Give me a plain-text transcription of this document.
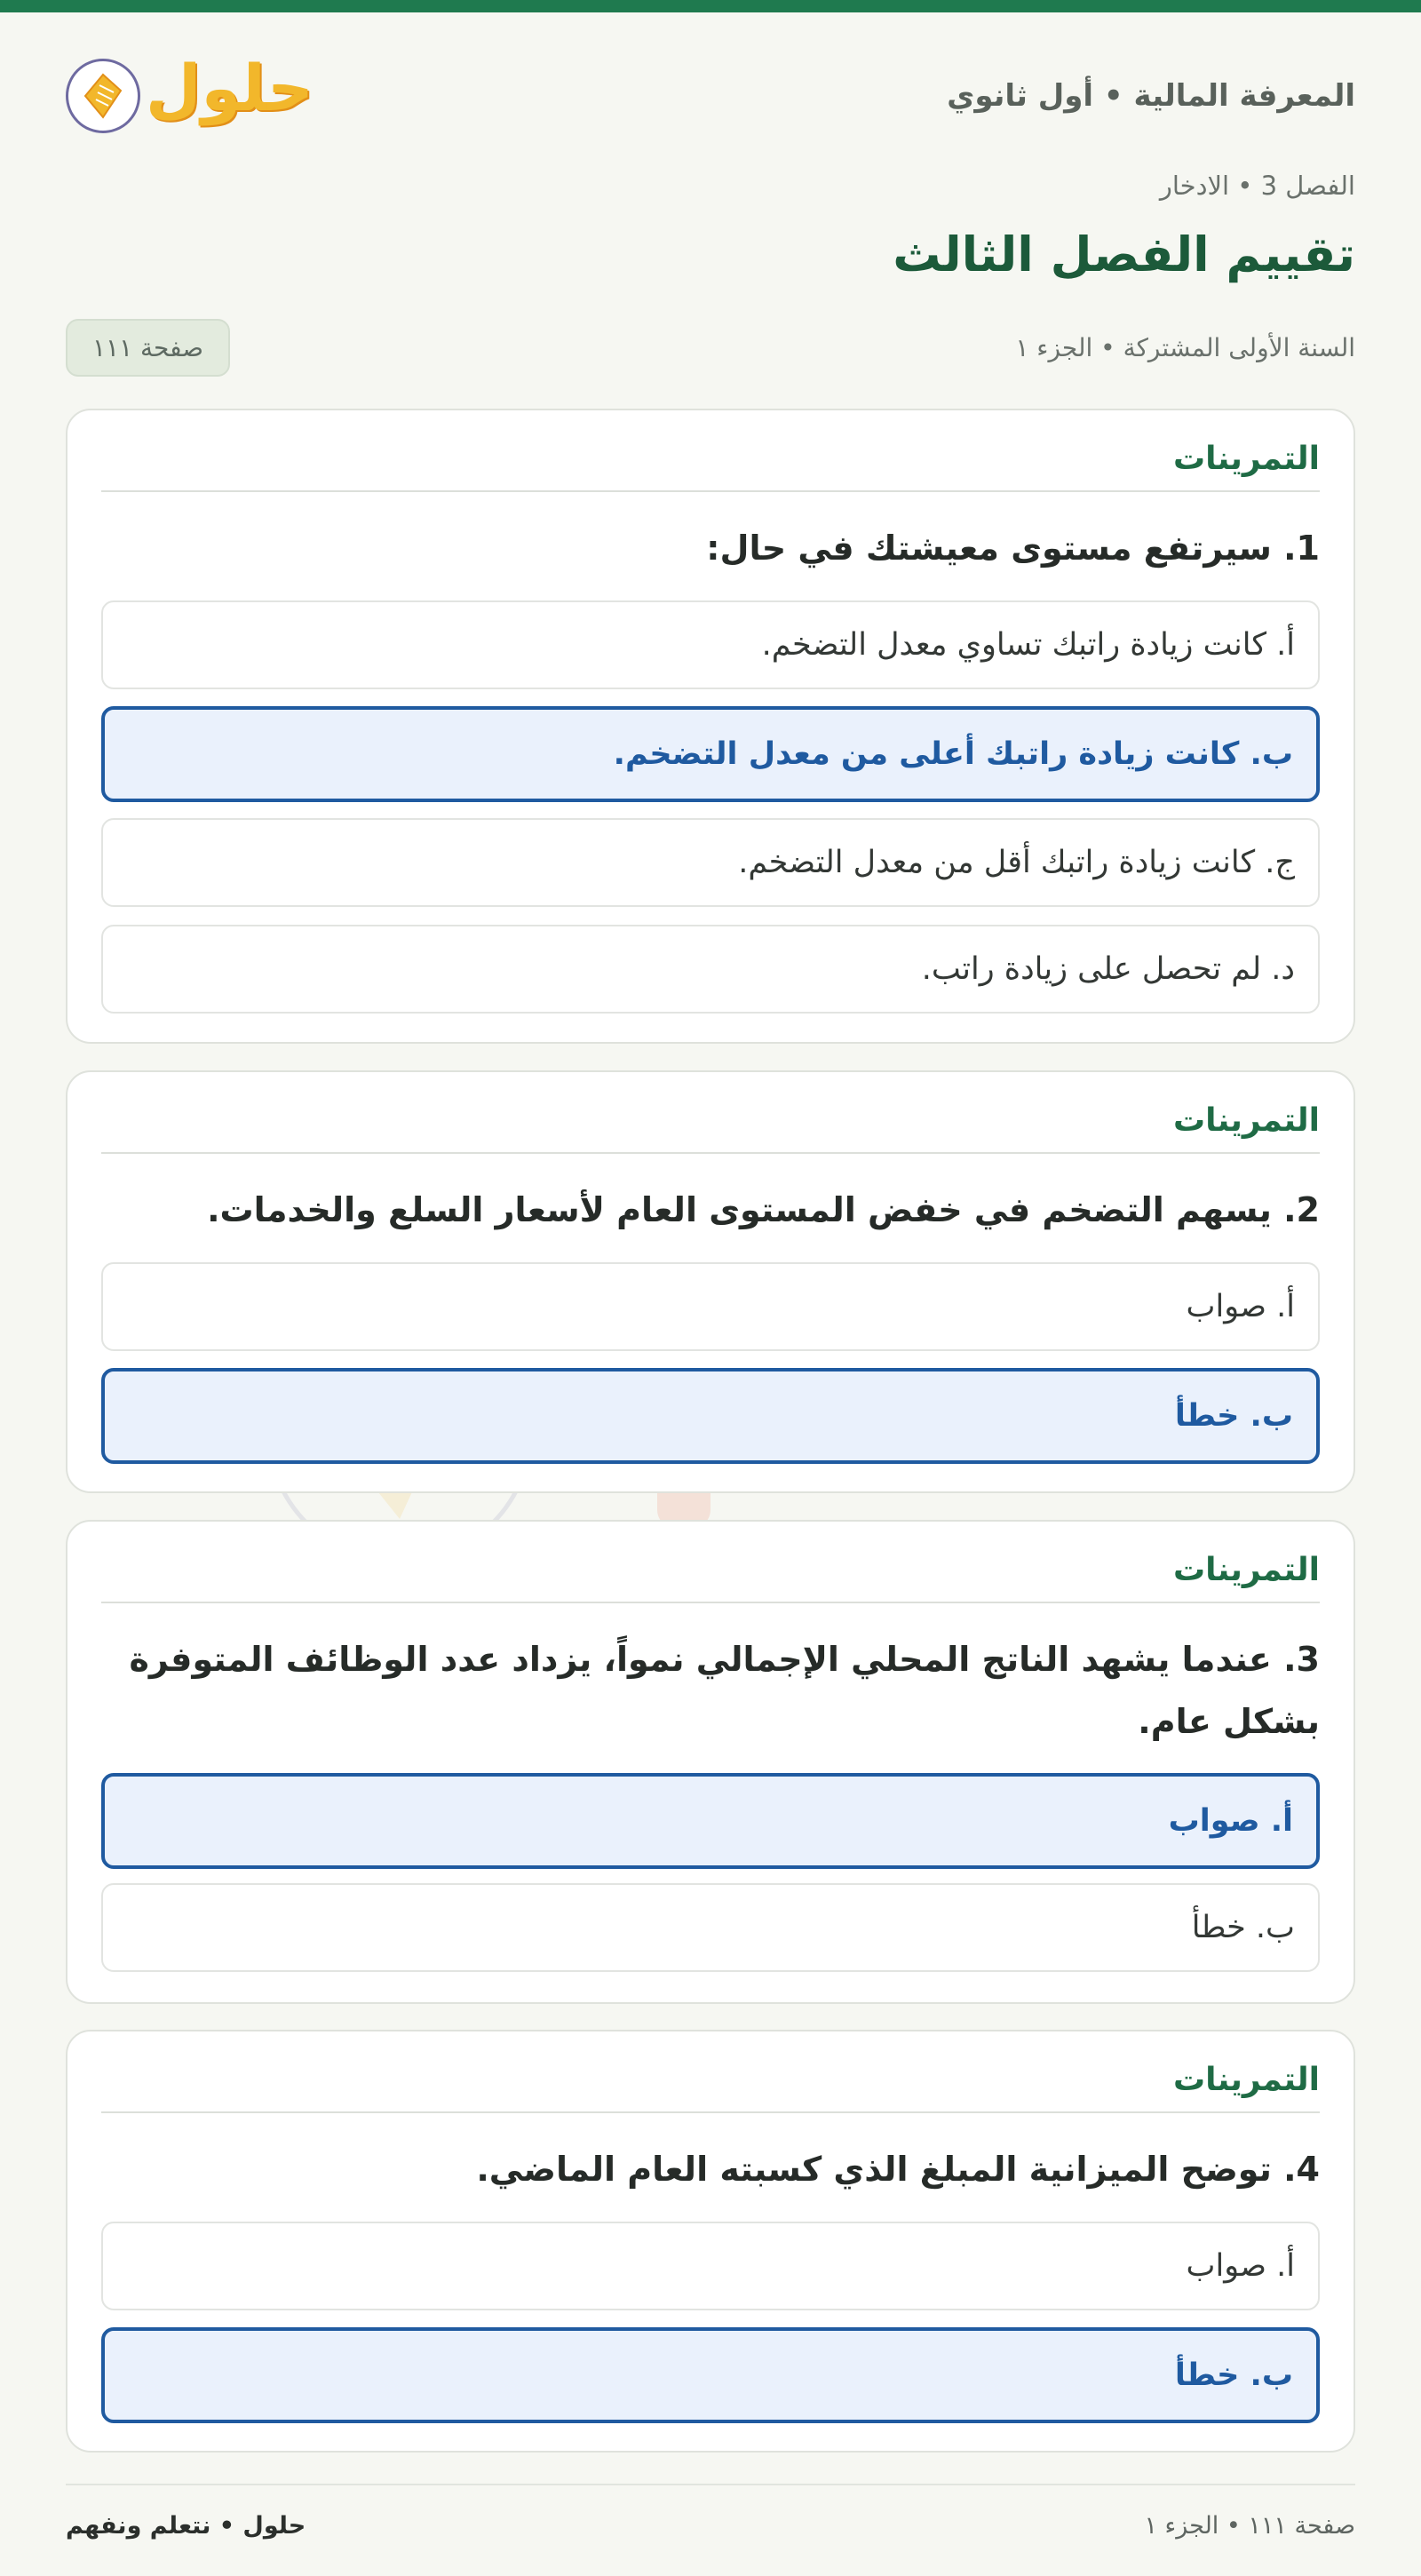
المعرفة المالية • أول ثانوي
حلول
الفصل 3 • الادخار
تقييم الفصل الثالث
السنة الأولى المشتركة • الجزء ١
صفحة ١١١
التمرينات
1. سيرتفع مستوى معيشتك في حال:
أ. كانت زيادة راتبك تساوي معدل التضخم.
ب. كانت زيادة راتبك أعلى من معدل التضخم.
ج. كانت زيادة راتبك أقل من معدل التضخم.
د. لم تحصل على زيادة راتب.
التمرينات
2. يسهم التضخم في خفض المستوى العام لأسعار السلع والخدمات.
أ. صواب
ب. خطأ
التمرينات
3. عندما يشهد الناتج المحلي الإجمالي نمواً، يزداد عدد الوظائف المتوفرة بشكل عام.
أ. صواب
ب. خطأ
التمرينات
4. توضح الميزانية المبلغ الذي كسبته العام الماضي.
أ. صواب
ب. خطأ
صفحة ١١١ • الجزء ١
حلول • نتعلم ونفهم
